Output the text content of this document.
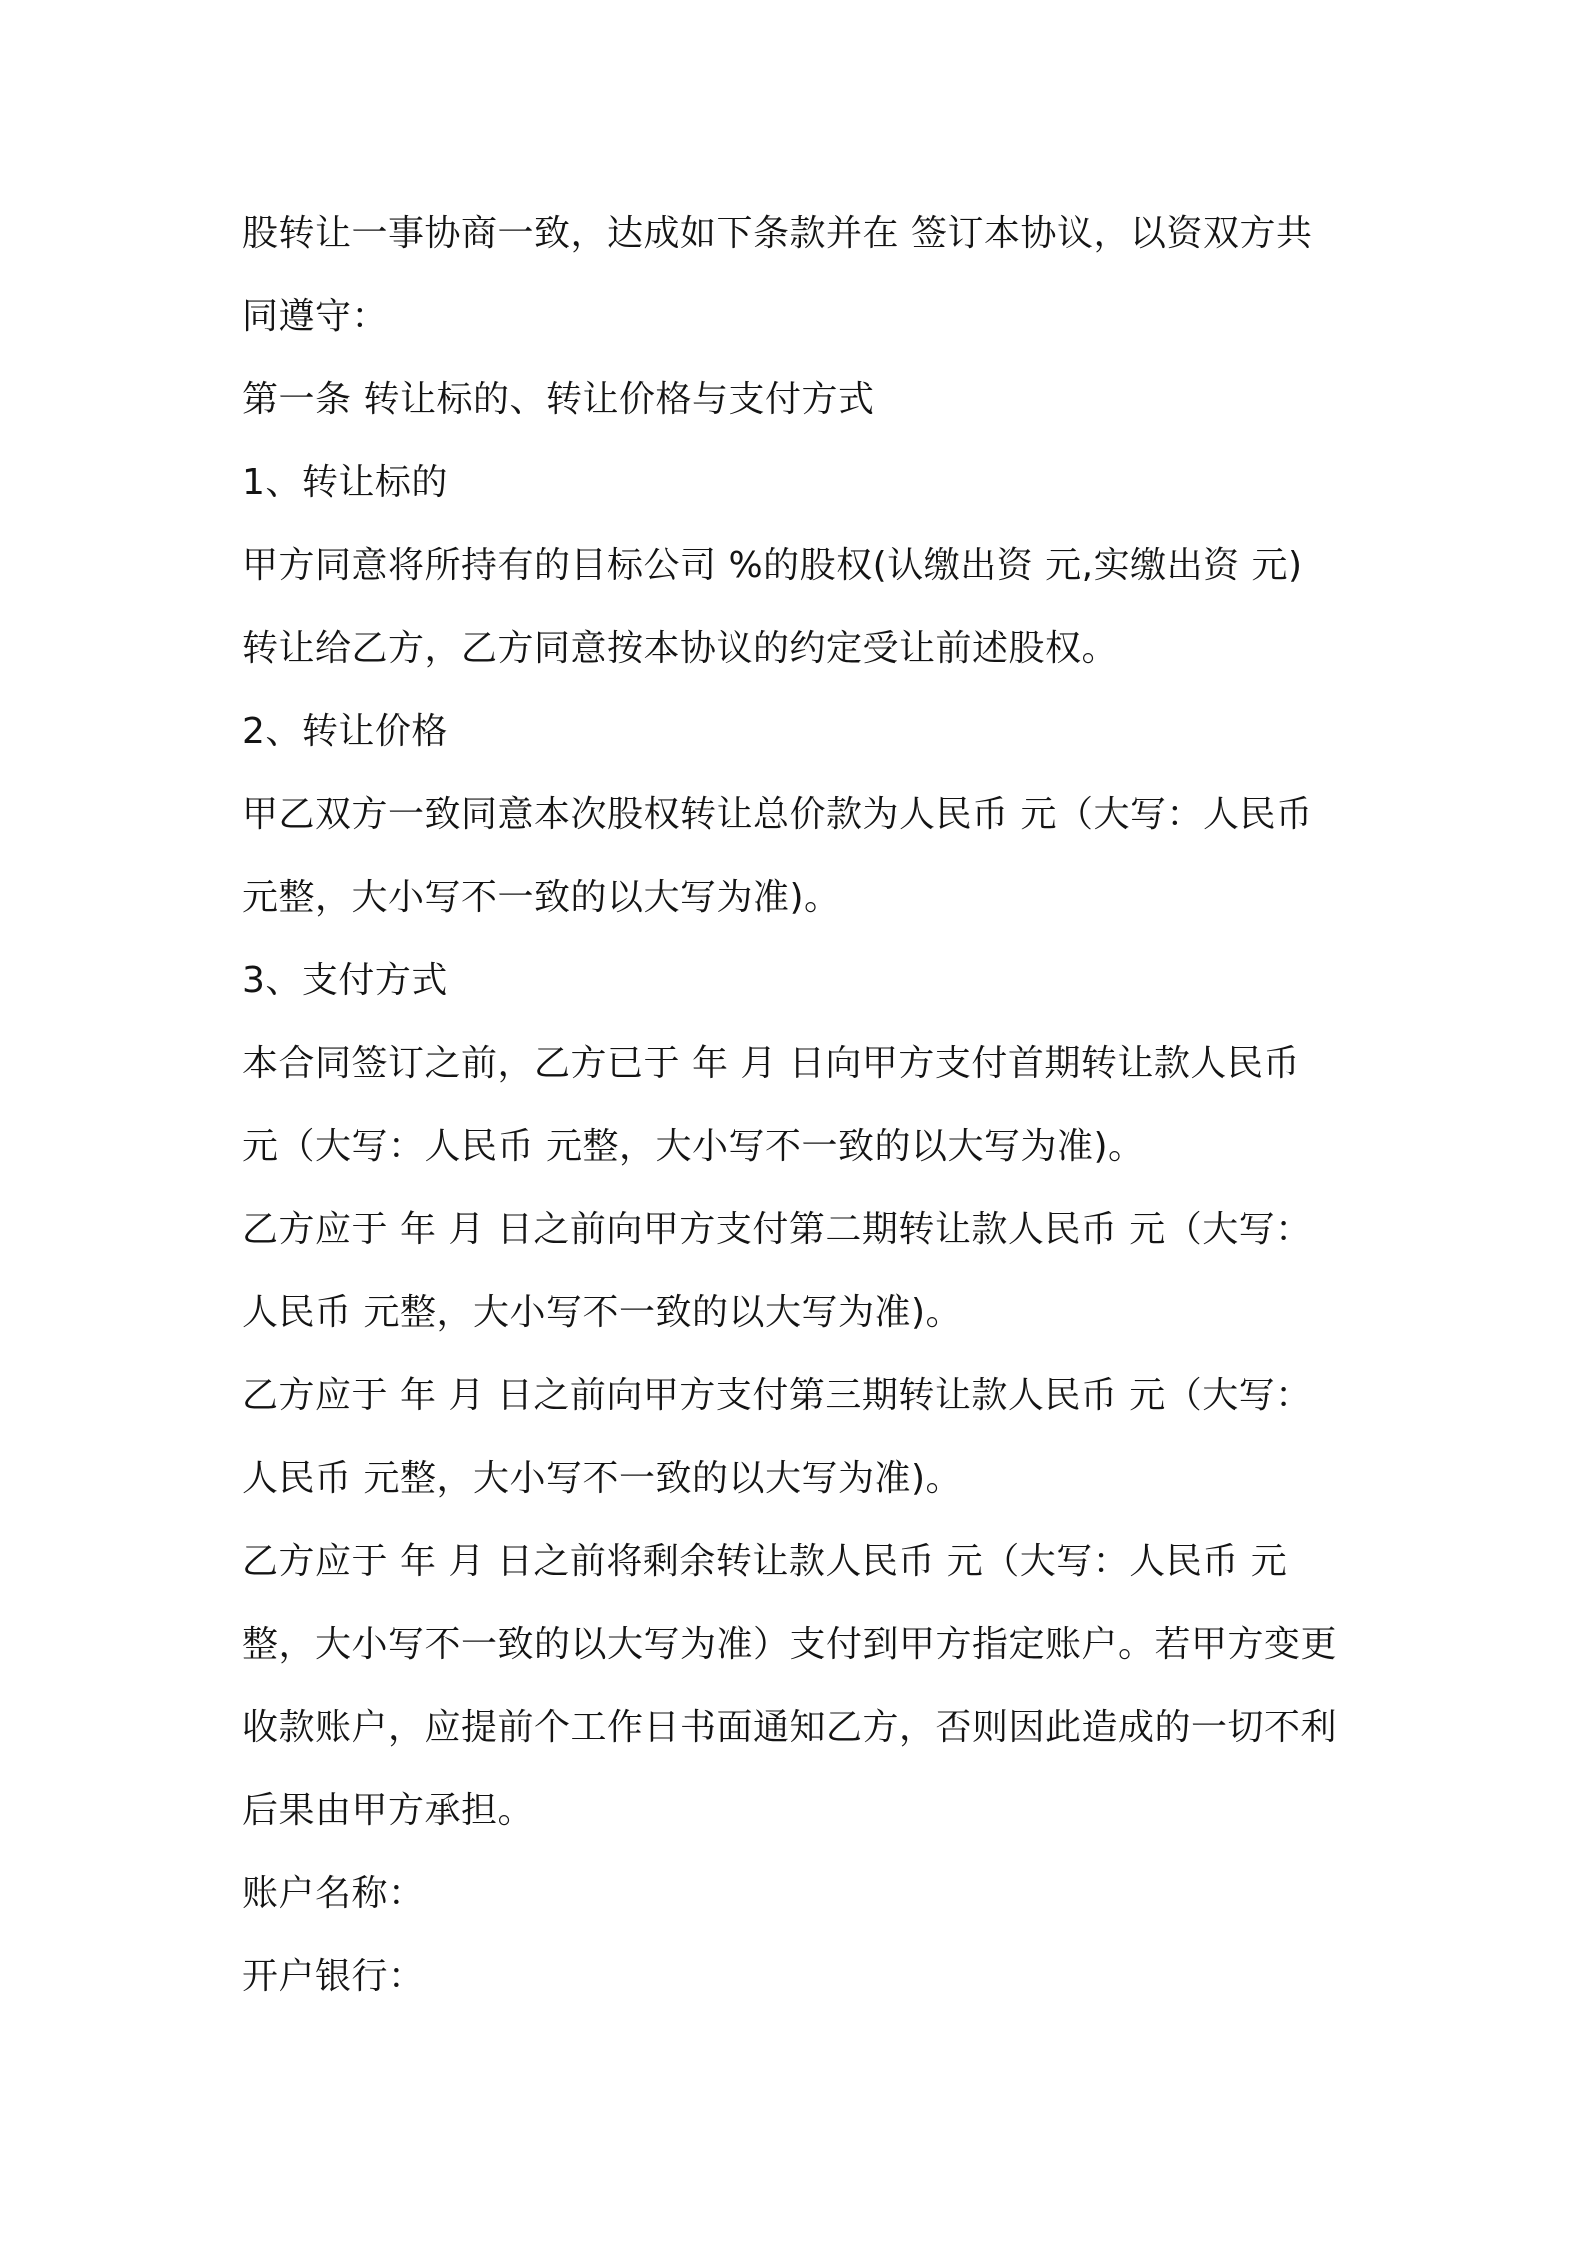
股转让一事协商一致，达成如下条款并在 签订本协议，以资双方共
同遵守：
第一条 转让标的、转让价格与支付方式
1、转让标的
甲方同意将所持有的目标公司 %的股权(认缴出资 元,实缴出资 元)
转让给乙方，乙方同意按本协议的约定受让前述股权。
2、转让价格
甲乙双方一致同意本次股权转让总价款为人民币 元（大写：人民币
元整，大小写不一致的以大写为准)。
3、支付方式
本合同签订之前，乙方已于 年 月 日向甲方支付首期转让款人民币
元（大写：人民币 元整，大小写不一致的以大写为准)。
乙方应于 年 月 日之前向甲方支付第二期转让款人民币 元（大写：
人民币 元整，大小写不一致的以大写为准)。
乙方应于 年 月 日之前向甲方支付第三期转让款人民币 元（大写：
人民币 元整，大小写不一致的以大写为准)。
乙方应于 年 月 日之前将剩余转让款人民币 元（大写：人民币 元
整，大小写不一致的以大写为准）支付到甲方指定账户。若甲方变更
收款账户，应提前个工作日书面通知乙方，否则因此造成的一切不利
后果由甲方承担。
账户名称：
开户银行：
